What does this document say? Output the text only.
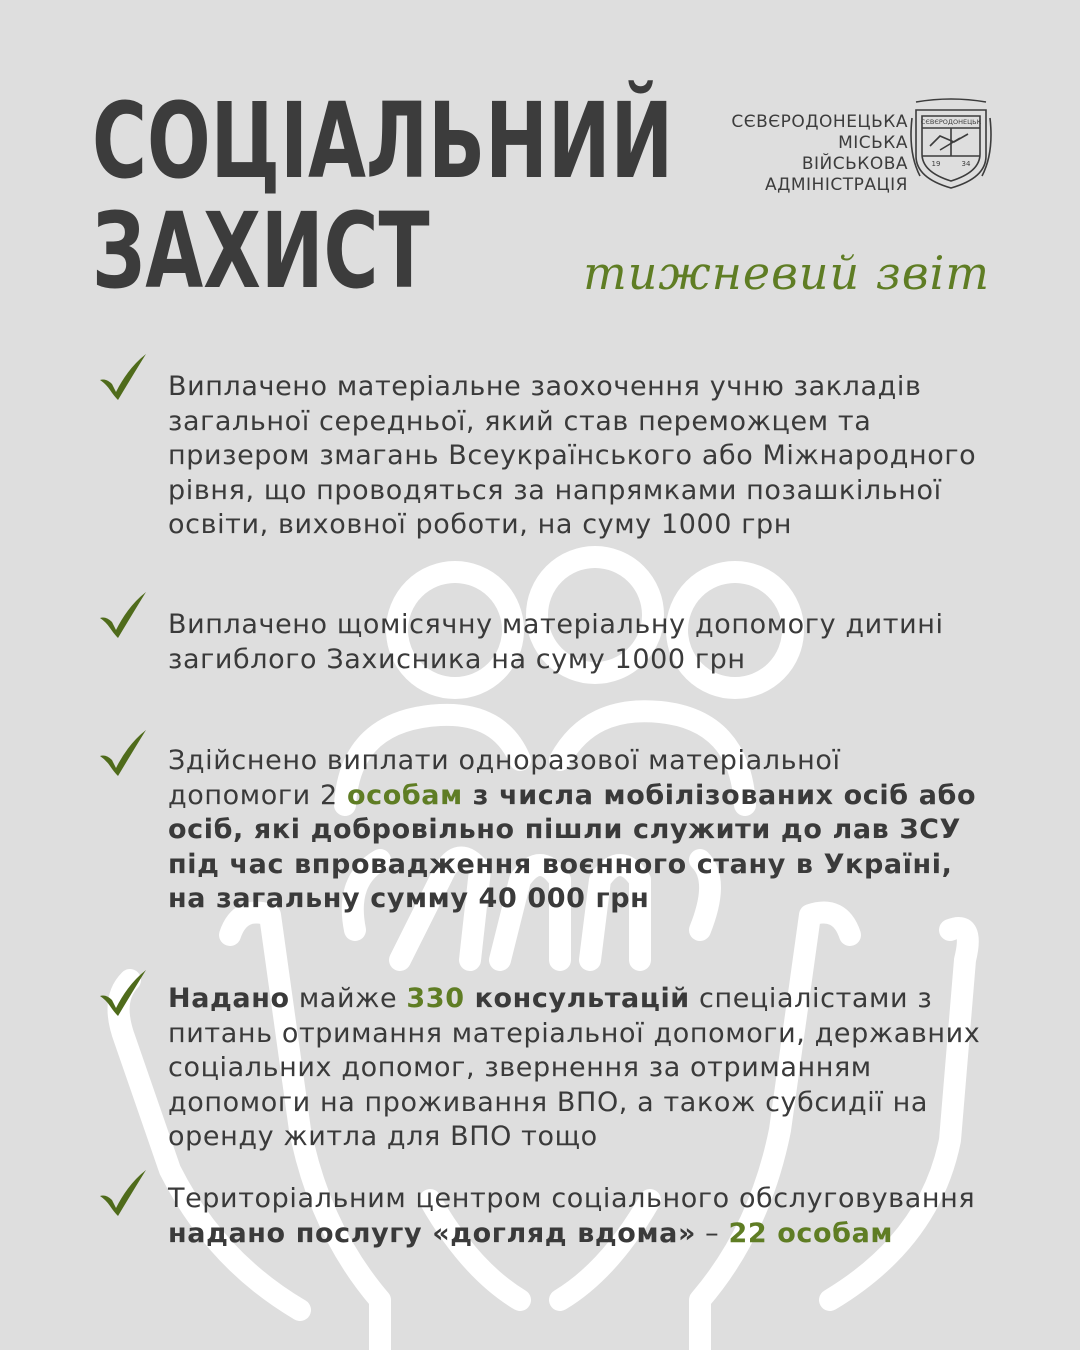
СОЦІАЛЬНИЙ
ЗАХИСТ
СЄВЄРОДОНЕЦЬКА
МІСЬКА
ВІЙСЬКОВА
АДМІНІСТРАЦІЯ
СЄВЄРОДОНЕЦЬК
19	34
тижневий звіт
Виплачено матеріальне заохочення учню закладів загальної середньої, який став переможцем та призером змагань Всеукраїнського або Міжнародного рівня, що проводяться за напрямками позашкільної освіти, виховної роботи, на суму 1000 грн
Виплачено щомісячну матеріальну допомогу дитині загиблого Захисника на суму 1000 грн
Здійснено виплати одноразової матеріальної допомоги 2 особам з числа мобілізованих осіб або осіб, які добровільно пішли служити до лав ЗСУ під час впровадження воєнного стану в Україні, на загальну сумму 40 000 грн
Надано майже 330 консультацій спеціалістами з питань отримання матеріальної допомоги, державних соціальних допомог, звернення за отриманням допомоги на проживання ВПО, а також субсидії на оренду житла для ВПО тощо
Територіальним центром соціального обслуговування надано послугу «догляд вдома» – 22 особам
